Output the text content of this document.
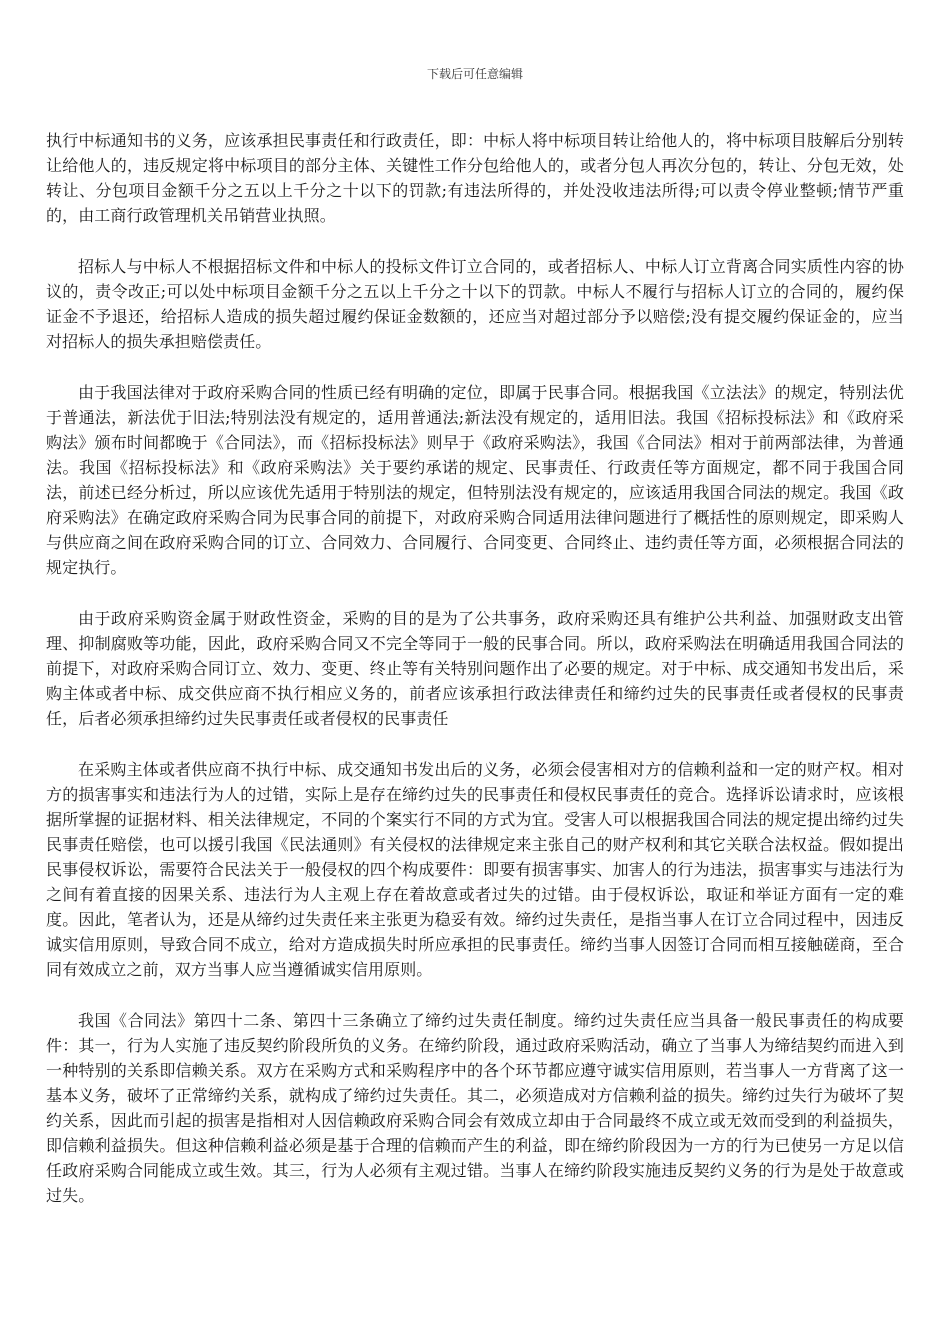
下载后可任意编辑

执行中标通知书的义务，应该承担民事责任和行政责任，即：中标人将中标项目转让给他人的，将中标项目肢解后分别转让给他人的，违反规定将中标项目的部分主体、关键性工作分包给他人的，或者分包人再次分包的，转让、分包无效，处转让、分包项目金额千分之五以上千分之十以下的罚款;有违法所得的，并处没收违法所得;可以责令停业整顿;情节严重的，由工商行政管理机关吊销营业执照。

招标人与中标人不根据招标文件和中标人的投标文件订立合同的，或者招标人、中标人订立背离合同实质性内容的协议的，责令改正;可以处中标项目金额千分之五以上千分之十以下的罚款。中标人不履行与招标人订立的合同的，履约保证金不予退还，给招标人造成的损失超过履约保证金数额的，还应当对超过部分予以赔偿;没有提交履约保证金的，应当对招标人的损失承担赔偿责任。

由于我国法律对于政府采购合同的性质已经有明确的定位，即属于民事合同。根据我国《立法法》的规定，特别法优于普通法，新法优于旧法;特别法没有规定的，适用普通法;新法没有规定的，适用旧法。我国《招标投标法》和《政府采购法》颁布时间都晚于《合同法》，而《招标投标法》则早于《政府采购法》，我国《合同法》相对于前两部法律，为普通法。我国《招标投标法》和《政府采购法》关于要约承诺的规定、民事责任、行政责任等方面规定，都不同于我国合同法，前述已经分析过，所以应该优先适用于特别法的规定，但特别法没有规定的，应该适用我国合同法的规定。我国《政府采购法》在确定政府采购合同为民事合同的前提下，对政府采购合同适用法律问题进行了概括性的原则规定，即采购人与供应商之间在政府采购合同的订立、合同效力、合同履行、合同变更、合同终止、违约责任等方面，必须根据合同法的规定执行。

由于政府采购资金属于财政性资金，采购的目的是为了公共事务，政府采购还具有维护公共利益、加强财政支出管理、抑制腐败等功能，因此，政府采购合同又不完全等同于一般的民事合同。所以，政府采购法在明确适用我国合同法的前提下，对政府采购合同订立、效力、变更、终止等有关特别问题作出了必要的规定。对于中标、成交通知书发出后，采购主体或者中标、成交供应商不执行相应义务的，前者应该承担行政法律责任和缔约过失的民事责任或者侵权的民事责任，后者必须承担缔约过失民事责任或者侵权的民事责任

在采购主体或者供应商不执行中标、成交通知书发出后的义务，必须会侵害相对方的信赖利益和一定的财产权。相对方的损害事实和违法行为人的过错，实际上是存在缔约过失的民事责任和侵权民事责任的竞合。选择诉讼请求时，应该根据所掌握的证据材料、相关法律规定，不同的个案实行不同的方式为宜。受害人可以根据我国合同法的规定提出缔约过失民事责任赔偿，也可以援引我国《民法通则》有关侵权的法律规定来主张自己的财产权利和其它关联合法权益。假如提出民事侵权诉讼，需要符合民法关于一般侵权的四个构成要件：即要有损害事实、加害人的行为违法，损害事实与违法行为之间有着直接的因果关系、违法行为人主观上存在着故意或者过失的过错。由于侵权诉讼，取证和举证方面有一定的难度。因此，笔者认为，还是从缔约过失责任来主张更为稳妥有效。缔约过失责任，是指当事人在订立合同过程中，因违反诚实信用原则，导致合同不成立，给对方造成损失时所应承担的民事责任。缔约当事人因签订合同而相互接触磋商，至合同有效成立之前，双方当事人应当遵循诚实信用原则。

我国《合同法》第四十二条、第四十三条确立了缔约过失责任制度。缔约过失责任应当具备一般民事责任的构成要件：其一，行为人实施了违反契约阶段所负的义务。在缔约阶段，通过政府采购活动，确立了当事人为缔结契约而进入到一种特别的关系即信赖关系。双方在采购方式和采购程序中的各个环节都应遵守诚实信用原则，若当事人一方背离了这一基本义务，破坏了正常缔约关系，就构成了缔约过失责任。其二，必须造成对方信赖利益的损失。缔约过失行为破坏了契约关系，因此而引起的损害是指相对人因信赖政府采购合同会有效成立却由于合同最终不成立或无效而受到的利益损失，即信赖利益损失。但这种信赖利益必须是基于合理的信赖而产生的利益，即在缔约阶段因为一方的行为已使另一方足以信任政府采购合同能成立或生效。其三，行为人必须有主观过错。当事人在缔约阶段实施违反契约义务的行为是处于故意或过失。
